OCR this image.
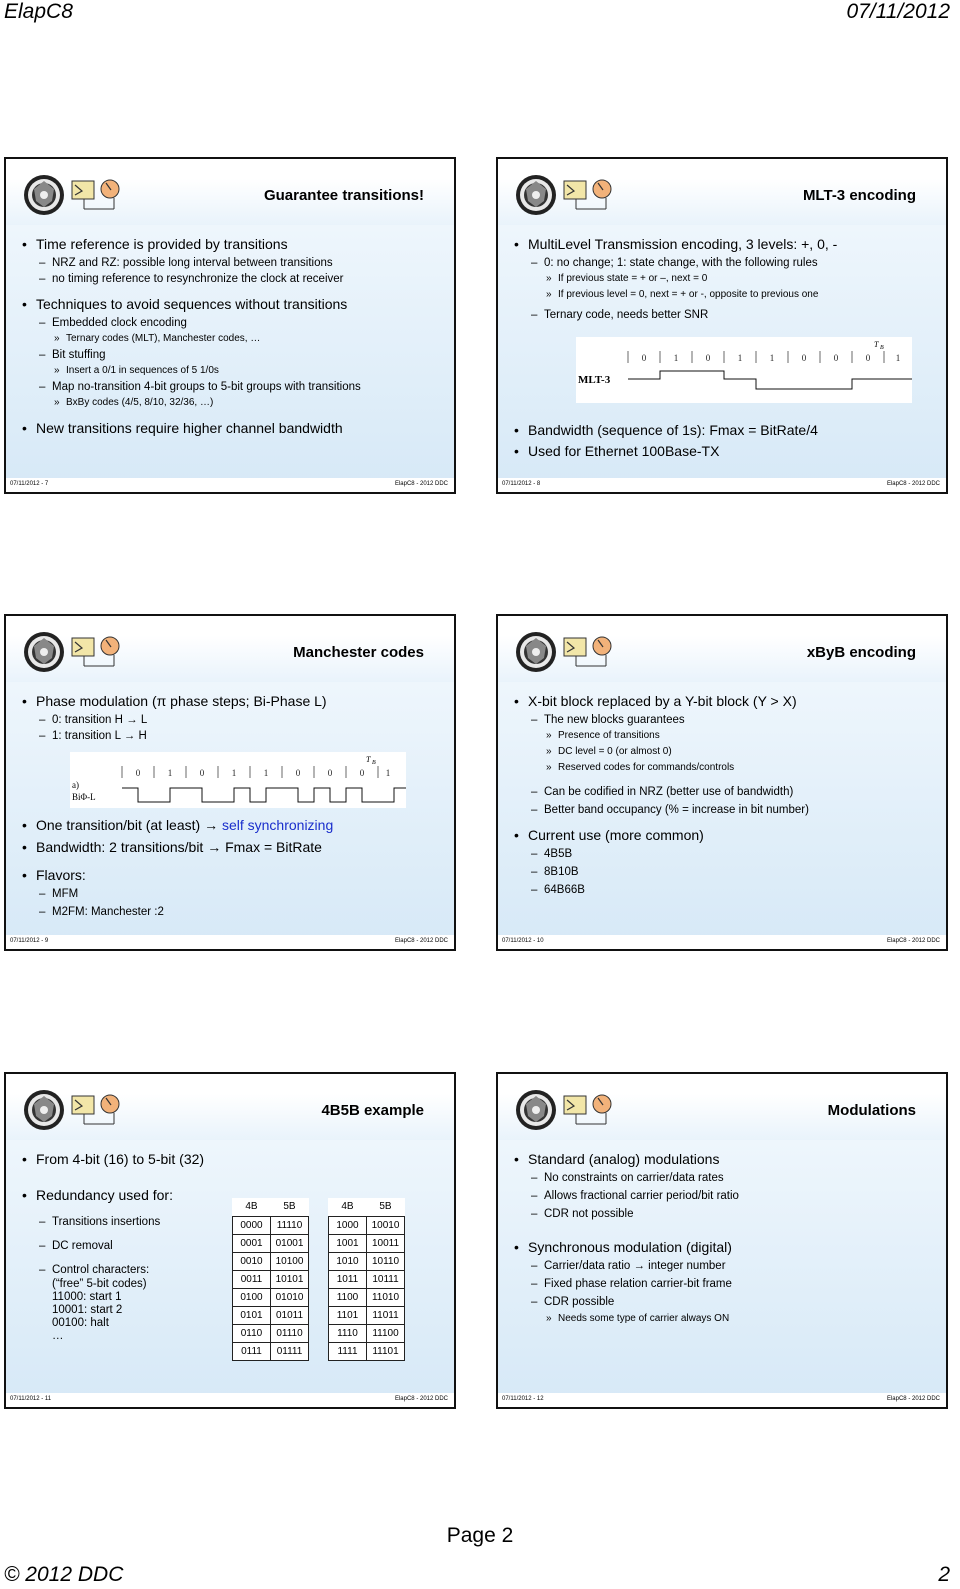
ElapC8	07/11/2012
Page 2
© 2012 DDC	2
Guarantee transitions!
• Time reference is provided by transitions
– NRZ and RZ: possible long interval between transitions
– no timing reference to resynchronize the clock at receiver
• Techniques to avoid sequences without transitions
– Embedded clock encoding
» Ternary codes (MLT), Manchester codes, …
– Bit stuffing
» Insert a 0/1 in sequences of 5 1/0s
– Map no-transition 4-bit groups to 5-bit groups with transitions
» BxBy codes (4/5, 8/10, 32/36, …)
• New transitions require higher channel bandwidth
07/11/2012 - 7	ElapC8 - 2012 DDC
MLT-3 encoding
• MultiLevel Transmission encoding, 3 levels: +, 0, -
– 0: no change; 1: state change, with the following rules
» If previous state = + or –, next = 0
» If previous level = 0, next = + or -, opposite to previous one
– Ternary code, needs better SNR
0	1	0	1	1	0	0	0	1
T B
MLT-3
• Bandwidth (sequence of 1s): Fmax = BitRate/4
• Used for Ethernet 100Base-TX
07/11/2012 - 8	ElapC8 - 2012 DDC
Manchester codes
• Phase modulation (π phase steps; Bi-Phase L)
– 0: transition H → L
– 1: transition L → H
0	1	0	1	1	0	0	0 1
T B
a)
BiΦ-L
• One transition/bit (at least) → self synchronizing
• Bandwidth: 2 transitions/bit → Fmax = BitRate
• Flavors:
– MFM
– M2FM: Manchester :2
07/11/2012 - 9	ElapC8 - 2012 DDC
xByB encoding
• X-bit block replaced by a Y-bit block (Y > X)
– The new blocks guarantees
» Presence of transitions
» DC level = 0 (or almost 0)
» Reserved codes for commands/controls
– Can be codified in NRZ (better use of bandwidth)
– Better band occupancy (% = increase in bit number)
• Current use (more common)
– 4B5B
– 8B10B
– 64B66B
07/11/2012 - 10	ElapC8 - 2012 DDC
4B5B example
• From 4-bit (16) to 5-bit (32)
• Redundancy used for:
– Transitions insertions
– DC removal
– Control characters:
(“free” 5-bit codes)
11000: start 1
10001: start 2
00100: halt
…
4B	5B
0000	11110
0001	01001
0010	10100
0011	10101
0100	01010
0101	01011
0110	01110
0111	01111
4B	5B
1000	10010
1001	10011
1010	10110
1011	10111
1100	11010
1101	11011
1110	11100
1111	11101
07/11/2012 - 11	ElapC8 - 2012 DDC
Modulations
• Standard (analog) modulations
– No constraints on carrier/data rates
– Allows fractional carrier period/bit ratio
– CDR not possible
• Synchronous modulation (digital)
– Carrier/data ratio → integer number
– Fixed phase relation carrier-bit frame
– CDR possible
» Needs some type of carrier always ON
07/11/2012 - 12	ElapC8 - 2012 DDC
